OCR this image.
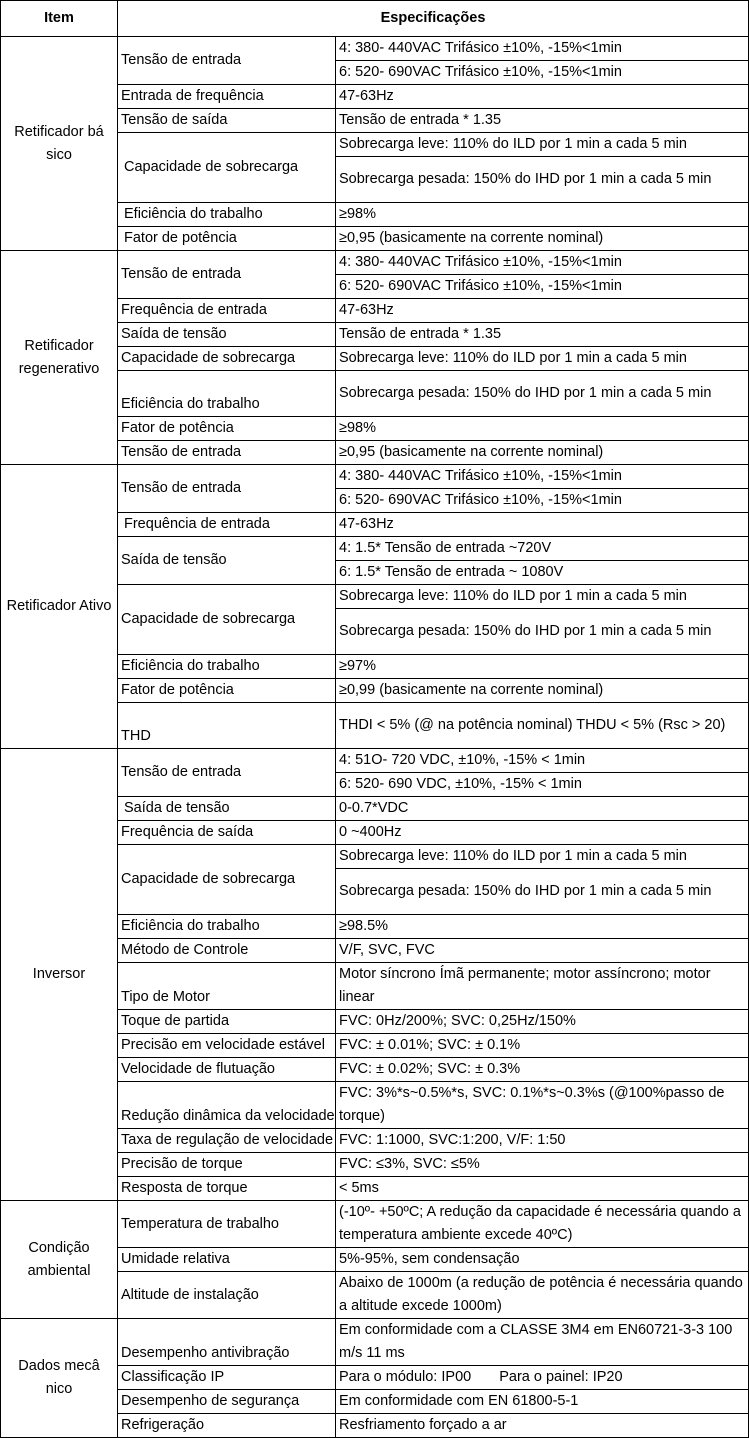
Item	Especificações	
Retificador bá sico	Tensão de entrada	4: 380- 440VAC Trifásico ±10%, -15%<1min
		6: 520- 690VAC Trifásico ±10%, -15%<1min
	Entrada de frequência	47-63Hz
	Tensão de saída	Tensão de entrada * 1.35
	Capacidade de sobrecarga	Sobrecarga leve: 110% do ILD por 1 min a cada 5 min
		Sobrecarga pesada: 150% do IHD por 1 min a cada 5 min

	Eficiência do trabalho	≥98%
	Fator de potência	≥0,95 (basicamente na corrente nominal)

Retificador regenerativo	Tensão de entrada	4: 380- 440VAC Trifásico ±10%, -15%<1min
		6: 520- 690VAC Trifásico ±10%, -15%<1min
	Frequência de entrada	47-63Hz
	Saída de tensão	Tensão de entrada * 1.35
	Capacidade de sobrecarga	Sobrecarga leve: 110% do ILD por 1 min a cada 5 min
	Eficiência do trabalho	Sobrecarga pesada: 150% do IHD por 1 min a cada 5 min

	Fator de potência	≥98%
	Tensão de entrada	≥0,95 (basicamente na corrente nominal)

Retificador Ativo	Tensão de entrada	4: 380- 440VAC Trifásico ±10%, -15%<1min
		6: 520- 690VAC Trifásico ±10%, -15%<1min
	Frequência de entrada	47-63Hz
	Saída de tensão	4: 1.5* Tensão de entrada ~720V
		6: 1.5* Tensão de entrada ~ 1080V
	Capacidade de sobrecarga	Sobrecarga leve: 110% do ILD por 1 min a cada 5 min
		Sobrecarga pesada: 150% do IHD por 1 min a cada 5 min

	Eficiência do trabalho	≥97%
	Fator de potência	≥0,99 (basicamente na corrente nominal)
	THD	THDI < 5% (@ na potência nominal) THDU < 5% (Rsc > 20)

Inversor	Tensão de entrada	4: 51O- 720 VDC, ±10%, -15% < 1min
		6: 520- 690 VDC, ±10%, -15% < 1min
	Saída de tensão	0-0.7*VDC
	Frequência de saída	0 ~400Hz
	Capacidade de sobrecarga	Sobrecarga leve: 110% do ILD por 1 min a cada 5 min
		Sobrecarga pesada: 150% do IHD por 1 min a cada 5 min

	Eficiência do trabalho	≥98.5%
	Método de Controle	V/F, SVC, FVC
	Tipo de Motor	Motor síncrono Ímã permanente; motor assíncrono; motor linear

	Toque de partida	FVC: 0Hz/200%; SVC: 0,25Hz/150%
	Precisão em velocidade estável	FVC: ± 0.01%; SVC: ± 0.1%
	Velocidade de flutuação	FVC: ± 0.02%; SVC: ± 0.3%
	Redução dinâmica da velocidade	FVC: 3%*s~0.5%*s, SVC: 0.1%*s~0.3%s (@100%passo de torque)

	Taxa de regulação de velocidade	FVC: 1:1000, SVC:1:200, V/F: 1:50
	Precisão de torque	FVC: ≤3%, SVC: ≤5%
	Resposta de torque	< 5ms

Condição ambiental	Temperatura de trabalho	(-10º- +50ºC; A redução da capacidade é necessária quando a temperatura ambiente excede 40ºC)

	Umidade relativa	5%-95%, sem condensação
	Altitude de instalação	Abaixo de 1000m (a redução de potência é necessária quando a altitude excede 1000m)

Dados mecâ nico	Desempenho antivibração	Em conformidade com a CLASSE 3M4 em EN60721-3-3 100 m/s 11 ms

	Classificação IP	Para o módulo: IP00 Para o painel: IP20
	Desempenho de segurança	Em conformidade com EN 61800-5-1
	Refrigeração	Resfriamento forçado a ar
